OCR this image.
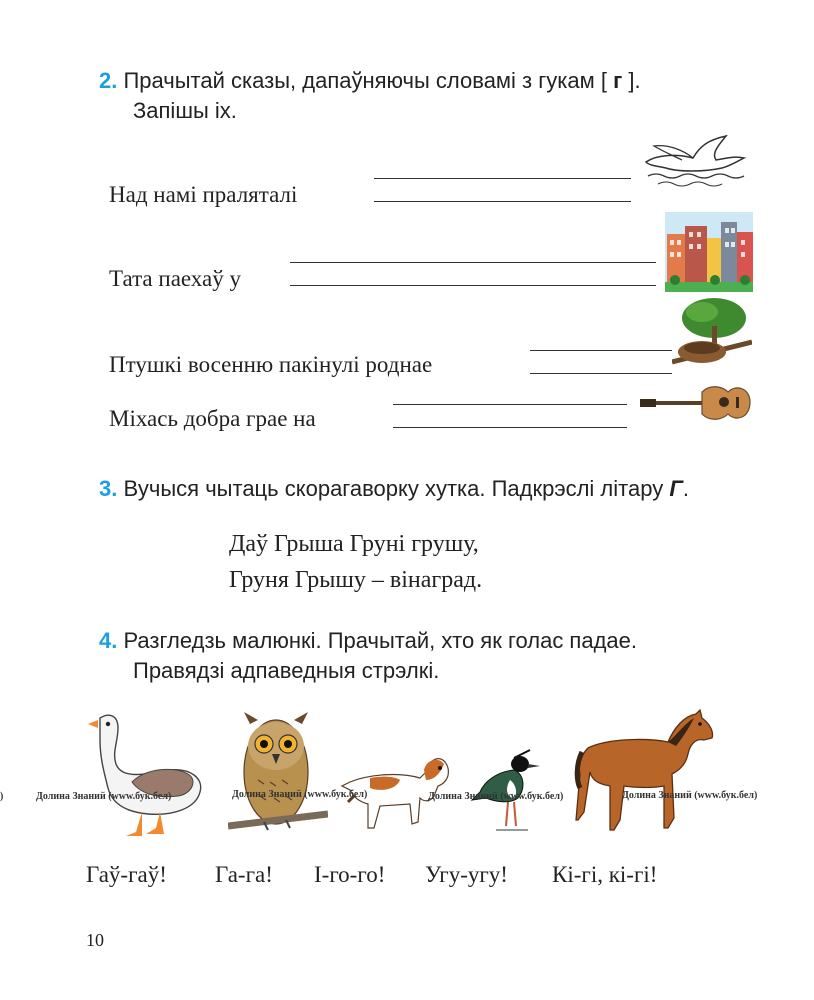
2. Прачытай сказы, дапаўняючы словамі з гукам [ г ].
Запішы іх.
Над намі праляталі
Тата паехаў у
Птушкі восенню пакінулі роднае
Міхась добра грае на
3. Вучыся чытаць скорагаворку хутка. Падкрэслі літару Г.
Даў Грыша Груні грушу,
Груня Грышу – вінаград.
4. Разгледзь малюнкі. Прачытай, хто як голас падае.
Правядзі адпаведныя стрэлкі.
)	Долина Знаний (www.бук.бел)	Долина Знаний (www.бук.бел)	Долина Знаний (www.бук.бел)	Долина Знаний (www.бук.бел)
Гаў-гаў! Га-га! І-го-го! Угу-угу! Кі-гі, кі-гі!
10
